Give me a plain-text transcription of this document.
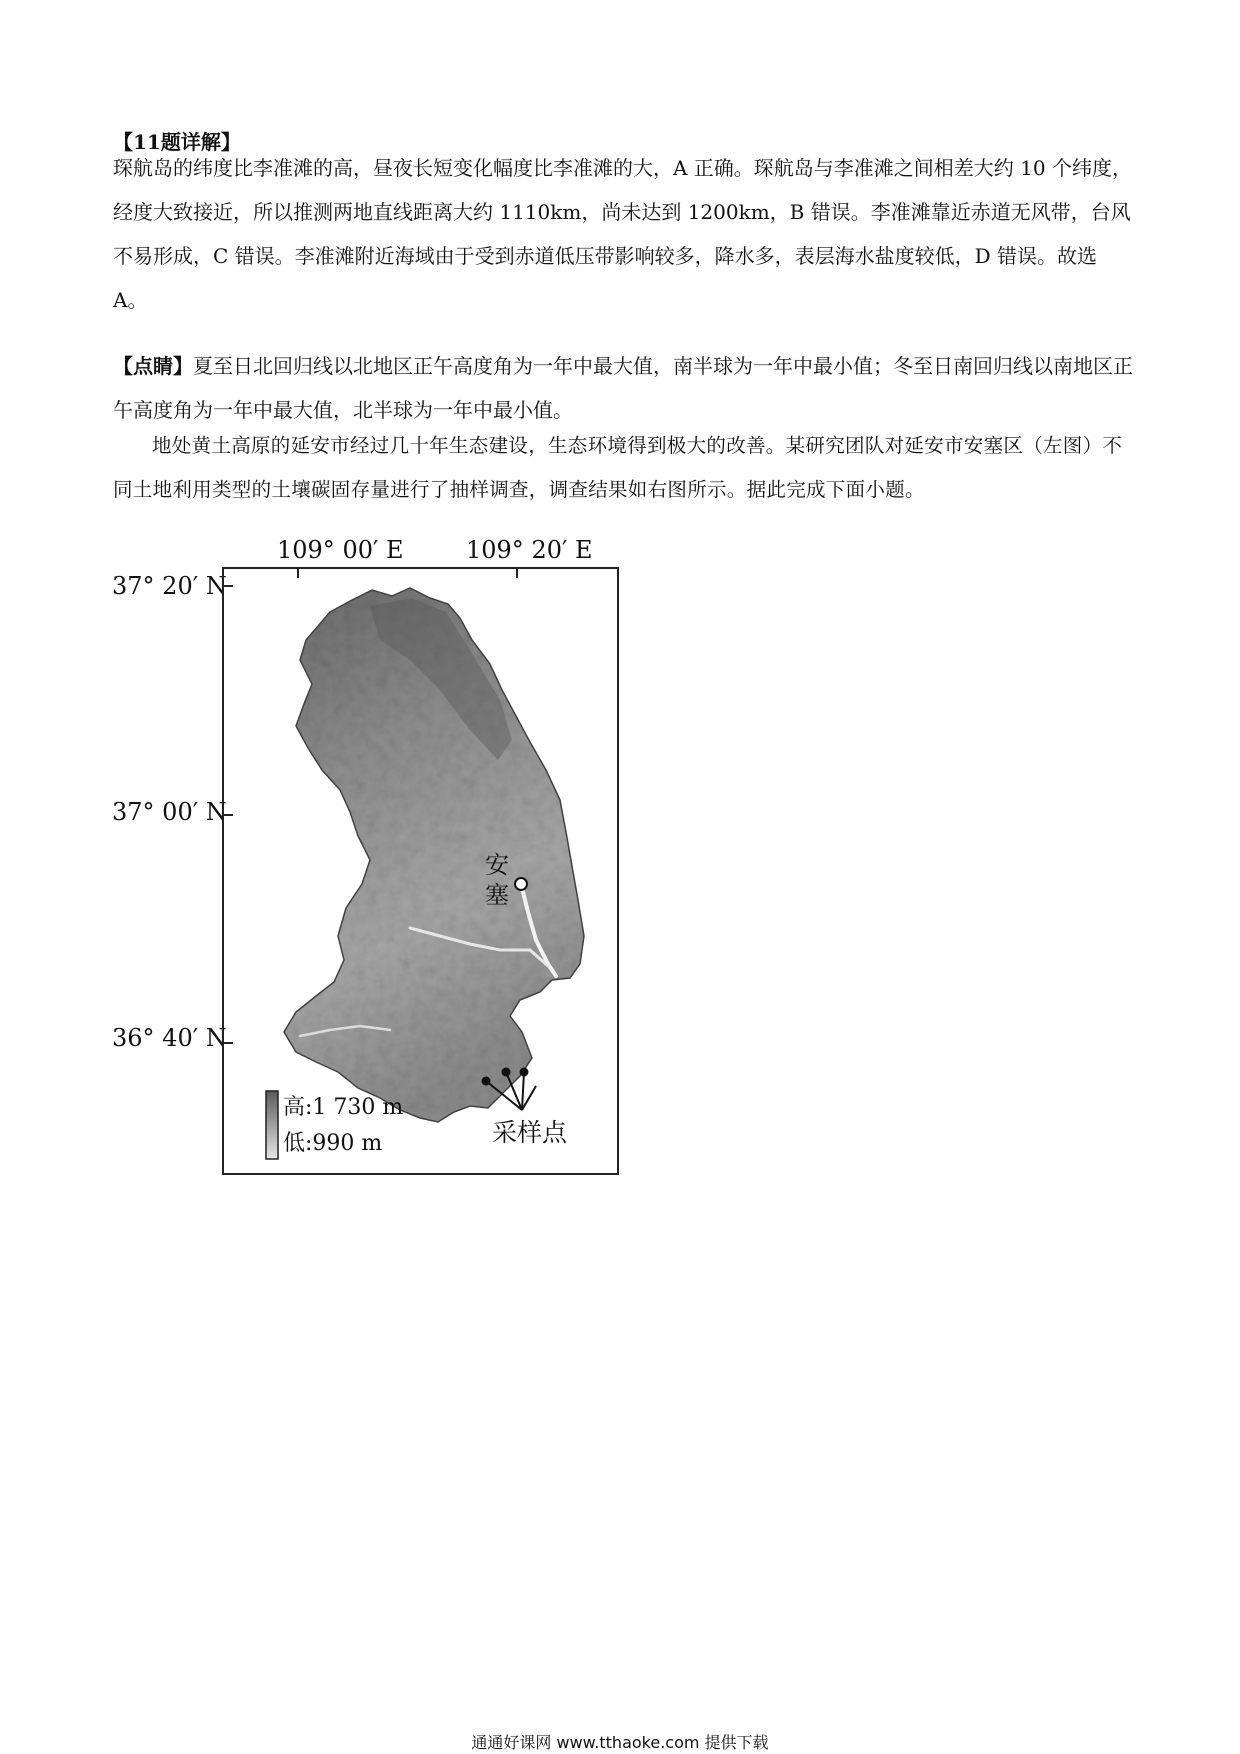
【11题详解】

琛航岛的纬度比李准滩的高，昼夜长短变化幅度比李准滩的大，A 正确。琛航岛与李准滩之间相差大约 10 个纬度，经度大致接近，所以推测两地直线距离大约 1110km，尚未达到 1200km，B 错误。李准滩靠近赤道无风带，台风不易形成，C 错误。李准滩附近海域由于受到赤道低压带影响较多，降水多，表层海水盐度较低，D 错误。故选 A。

【点睛】夏至日北回归线以北地区正午高度角为一年中最大值，南半球为一年中最小值；冬至日南回归线以南地区正午高度角为一年中最大值，北半球为一年中最小值。

地处黄土高原的延安市经过几十年生态建设，生态环境得到极大的改善。某研究团队对延安市安塞区（左图）不同土地利用类型的土壤碳固存量进行了抽样调查，调查结果如右图所示。据此完成下面小题。

109° 00′ E	109° 20′ E
37° 20′ N
37° 00′ N
36° 40′ N
安塞
高:1 730 m
低:990 m	采样点
通通好课网 www.tthaoke.com 提供下载
